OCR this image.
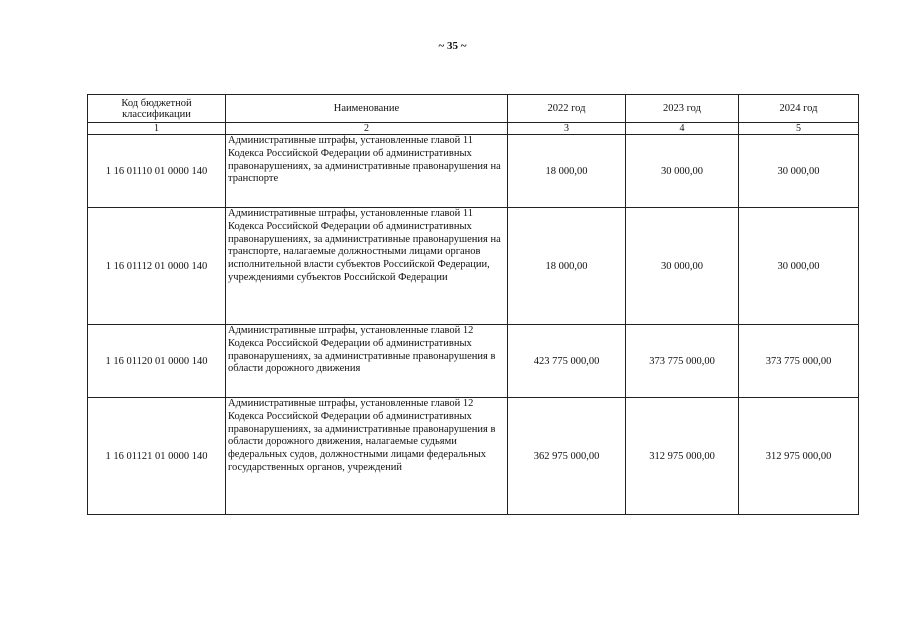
~ 35 ~
Код бюджетной классификации	Наименование	2022 год	2023 год	2024 год
1	2	3	4	5
1 16 01110 01 0000 140	Административные штрафы, установленные главой 11 Кодекса Российской Федерации об административных правонарушениях, за административные правонарушения на транспорте	18 000,00	30 000,00	30 000,00
1 16 01112 01 0000 140	Административные штрафы, установленные главой 11 Кодекса Российской Федерации об административных правонарушениях, за административные правонарушения на транспорте, налагаемые должностными лицами органов исполнительной власти субъектов Российской Федерации, учреждениями субъектов Российской Федерации	18 000,00	30 000,00	30 000,00
1 16 01120 01 0000 140	Административные штрафы, установленные главой 12 Кодекса Российской Федерации об административных правонарушениях, за административные правонарушения в области дорожного движения	423 775 000,00	373 775 000,00	373 775 000,00
1 16 01121 01 0000 140	Административные штрафы, установленные главой 12 Кодекса Российской Федерации об административных правонарушениях, за административные правонарушения в области дорожного движения, налагаемые судьями федеральных судов, должностными лицами федеральных государственных органов, учреждений	362 975 000,00	312 975 000,00	312 975 000,00
